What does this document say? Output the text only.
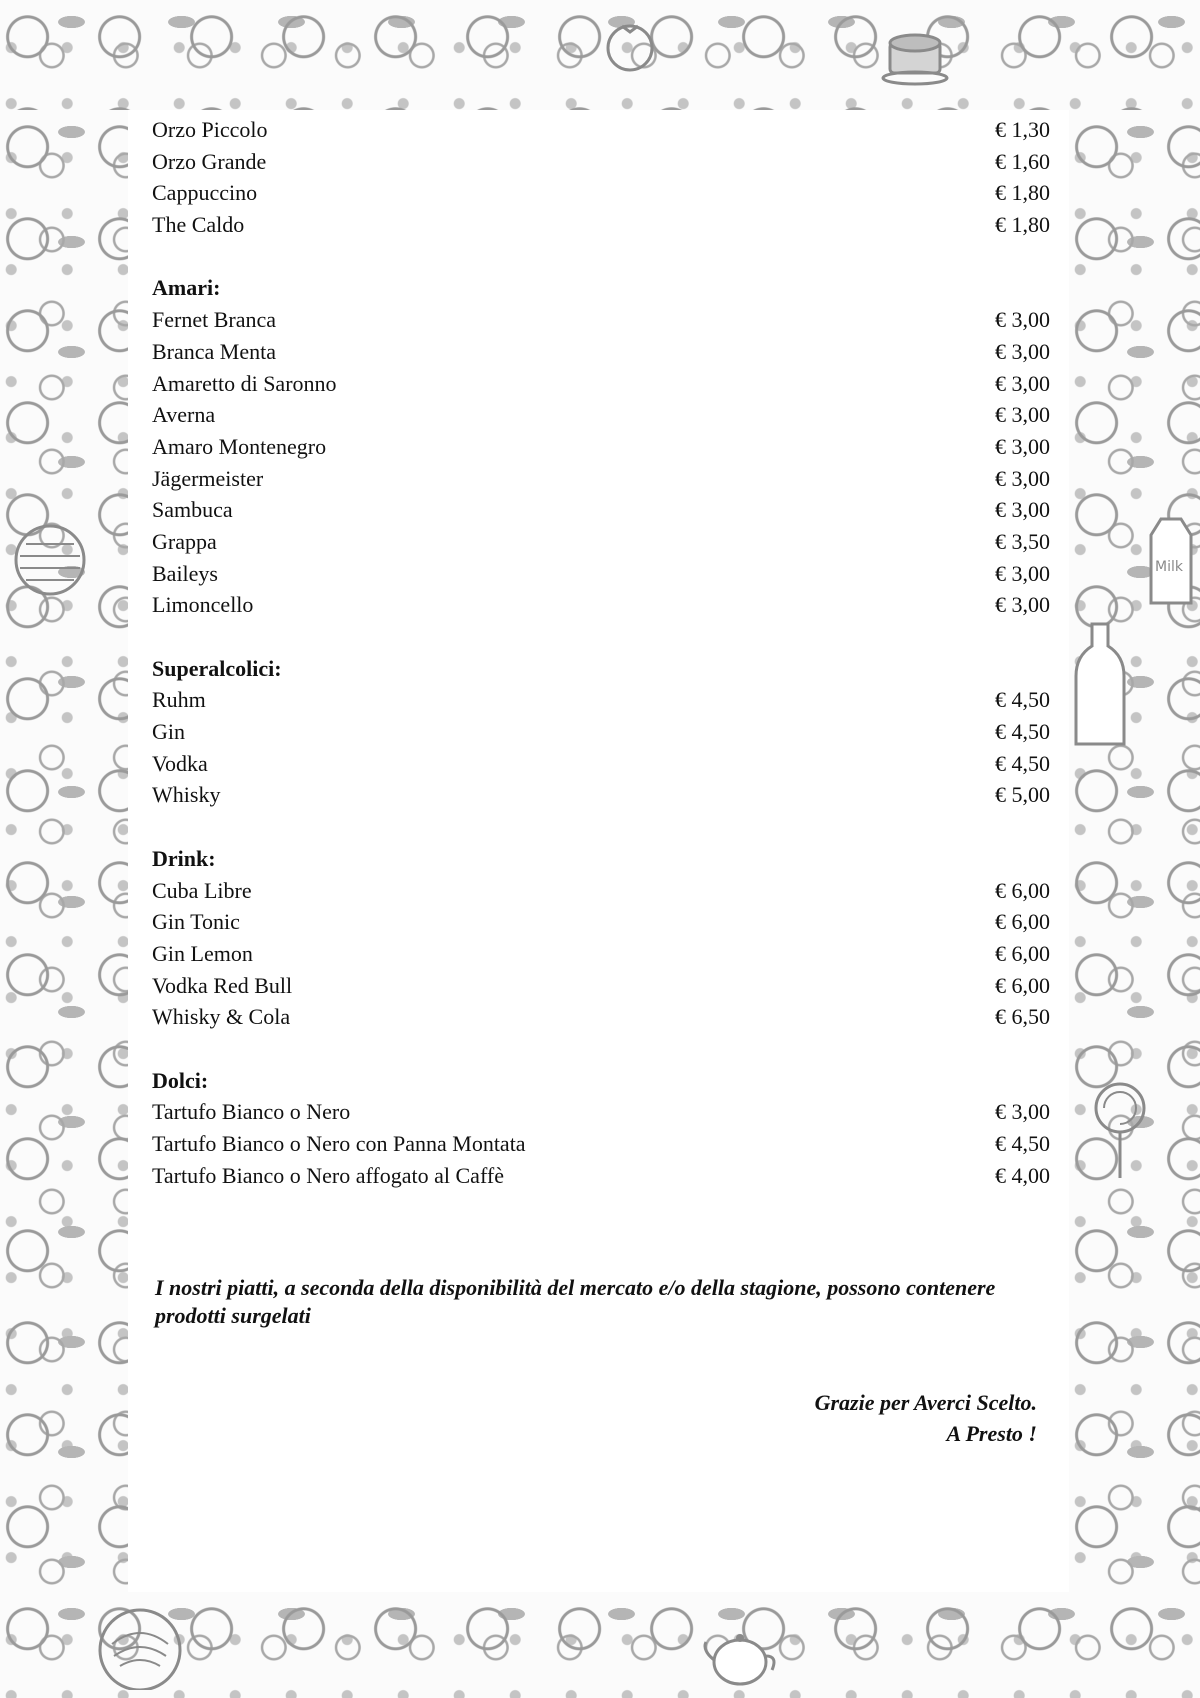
Milk
Orzo Piccolo	€ 1,30
Orzo Grande	€ 1,60
Cappuccino	€ 1,80
The Caldo	€ 1,80
Amari:
Fernet Branca	€ 3,00
Branca Menta	€ 3,00
Amaretto di Saronno	€ 3,00
Averna	€ 3,00
Amaro Montenegro	€ 3,00
Jägermeister	€ 3,00
Sambuca	€ 3,00
Grappa	€ 3,50
Baileys	€ 3,00
Limoncello	€ 3,00
Superalcolici:
Ruhm	€ 4,50
Gin	€ 4,50
Vodka	€ 4,50
Whisky	€ 5,00
Drink:
Cuba Libre	€ 6,00
Gin Tonic	€ 6,00
Gin Lemon	€ 6,00
Vodka Red Bull	€ 6,00
Whisky & Cola	€ 6,50
Dolci:
Tartufo Bianco o Nero	€ 3,00
Tartufo Bianco o Nero con Panna Montata	€ 4,50
Tartufo Bianco o Nero affogato al Caffè	€ 4,00
I nostri piatti, a seconda della disponibilità del mercato e/o della stagione, possono contenere prodotti surgelati
Grazie per Averci Scelto.
A Presto !
